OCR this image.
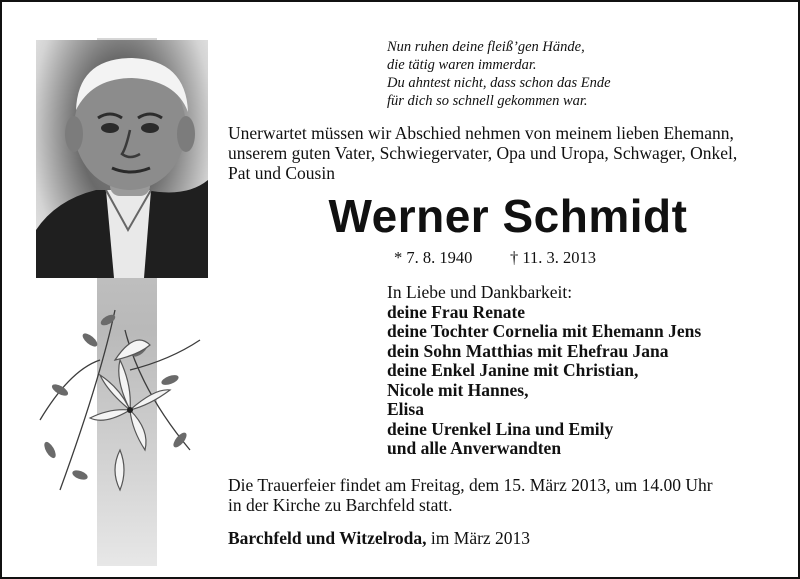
Nun ruhen deine fleiß’gen Hände,
die tätig waren immerdar.
Du ahntest nicht, dass schon das Ende
für dich so schnell gekommen war.
Unerwartet müssen wir Abschied nehmen von meinem lieben Ehemann,
unserem guten Vater, Schwiegervater, Opa und Uropa, Schwager, Onkel,
Pat und Cousin
Werner Schmidt
* 7. 8. 1940 † 11. 3. 2013
In Liebe und Dankbarkeit:
deine Frau Renate
deine Tochter Cornelia mit Ehemann Jens
dein Sohn Matthias mit Ehefrau Jana
deine Enkel Janine mit Christian,
Nicole mit Hannes,
Elisa
deine Urenkel Lina und Emily
und alle Anverwandten
Die Trauerfeier findet am Freitag, dem 15. März 2013, um 14.00 Uhr
in der Kirche zu Barchfeld statt.
Barchfeld und Witzelroda, im März 2013
